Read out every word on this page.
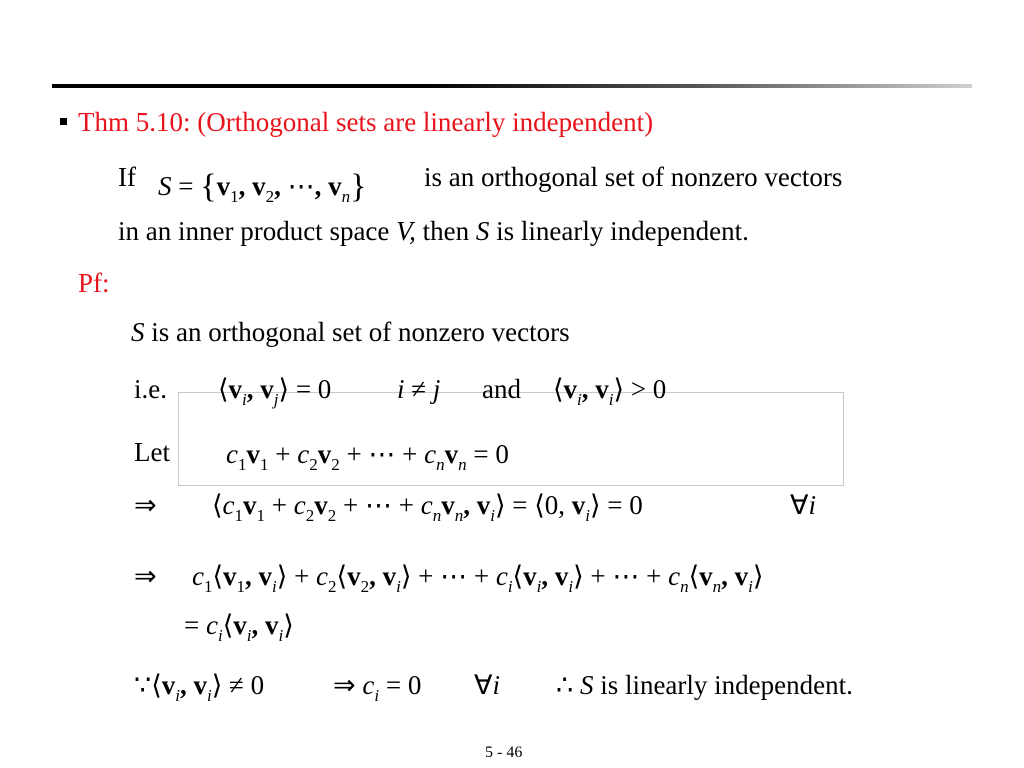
Thm 5.10: (Orthogonal sets are linearly independent)
If $S = \{v_1$, $v_2$, ⋯, $v_n$} is an orthogonal set of nonzero vectors
in an inner product space V, then S is linearly independent.
Pf:
S is an orthogonal set of nonzero vectors
i.e. $⟨v_i$, $v_j⟩ = 0$ i ≠ j and $⟨v_i$, $v_i⟩ > 0$
Let $c_1v_1 + c_2v_2$ + ⋯ + $c_nv_n = 0$
⇒ $⟨c_1v_1 + c_2v_2$ + ⋯ + $c_nv_n$, $v_i⟩$ = ⟨0, $v_i⟩ = 0$	∀i
⇒ $c_1⟨v_1$, $v_i⟩$ + $c_2⟨v_2$, $v_i⟩$ + ⋯ + $c_i⟨v_i$, $v_i⟩$ + ⋯ + $c_n⟨v_n$, $v_i⟩$
= $c_i⟨v_i$, $v_i⟩$
$\because⟨v_i$, $v_i⟩ \ne 0$	⇒ $c_i = 0$ ∀i ∴ S is linearly independent.
5 - 46
